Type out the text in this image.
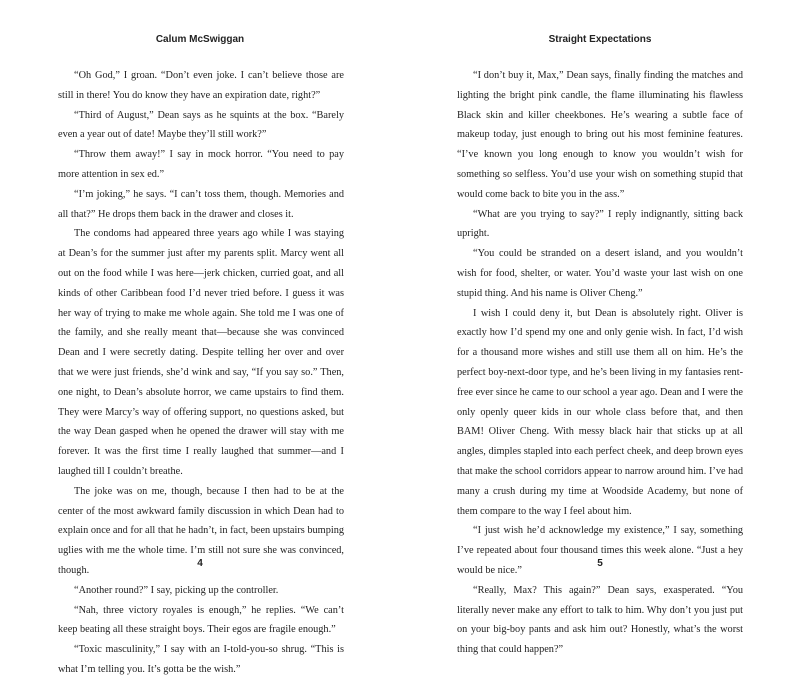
Calum McSwiggan

“Oh God,” I groan. “Don’t even joke. I can’t believe those are still in there! You do know they have an expiration date, right?”

“Third of August,” Dean says as he squints at the box. “Barely even a year out of date! Maybe they’ll still work?”

“Throw them away!” I say in mock horror. “You need to pay more attention in sex ed.”

“I’m joking,” he says. “I can’t toss them, though. Memories and all that?” He drops them back in the drawer and closes it.

The condoms had appeared three years ago while I was staying at Dean’s for the summer just after my parents split. Marcy went all out on the food while I was here—jerk chicken, curried goat, and all kinds of other Caribbean food I’d never tried before. I guess it was her way of trying to make me whole again. She told me I was one of the family, and she really meant that—because she was convinced Dean and I were secretly dating. Despite telling her over and over that we were just friends, she’d wink and say, “If you say so.” Then, one night, to Dean’s absolute horror, we came upstairs to find them. They were Marcy’s way of offering support, no questions asked, but the way Dean gasped when he opened the drawer will stay with me forever. It was the first time I really laughed that summer—and I laughed till I couldn’t breathe.

The joke was on me, though, because I then had to be at the center of the most awkward family discussion in which Dean had to explain once and for all that he hadn’t, in fact, been upstairs bumping uglies with me the whole time. I’m still not sure she was convinced, though.

“Another round?” I say, picking up the controller.

“Nah, three victory royales is enough,” he replies. “We can’t keep beating all these straight boys. Their egos are fragile enough.”

“Toxic masculinity,” I say with an I-told-you-so shrug. “This is what I’m telling you. It’s gotta be the wish.”

4
Straight Expectations

“I don’t buy it, Max,” Dean says, finally finding the matches and lighting the bright pink candle, the flame illuminating his flawless Black skin and killer cheekbones. He’s wearing a subtle face of makeup today, just enough to bring out his most feminine features. “I’ve known you long enough to know you wouldn’t wish for something so selfless. You’d use your wish on something stupid that would come back to bite you in the ass.”

“What are you trying to say?” I reply indignantly, sitting back upright.

“You could be stranded on a desert island, and you wouldn’t wish for food, shelter, or water. You’d waste your last wish on one stupid thing. And his name is Oliver Cheng.”

I wish I could deny it, but Dean is absolutely right. Oliver is exactly how I’d spend my one and only genie wish. In fact, I’d wish for a thousand more wishes and still use them all on him. He’s the perfect boy-next-door type, and he’s been living in my fantasies rent-free ever since he came to our school a year ago. Dean and I were the only openly queer kids in our whole class before that, and then BAM! Oliver Cheng. With messy black hair that sticks up at all angles, dimples stapled into each perfect cheek, and deep brown eyes that make the school corridors appear to narrow around him. I’ve had many a crush during my time at Woodside Academy, but none of them compare to the way I feel about him.

“I just wish he’d acknowledge my existence,” I say, something I’ve repeated about four thousand times this week alone. “Just a hey would be nice.”

“Really, Max? This again?” Dean says, exasperated. “You literally never make any effort to talk to him. Why don’t you just put on your big-boy pants and ask him out? Honestly, what’s the worst thing that could happen?”

5
